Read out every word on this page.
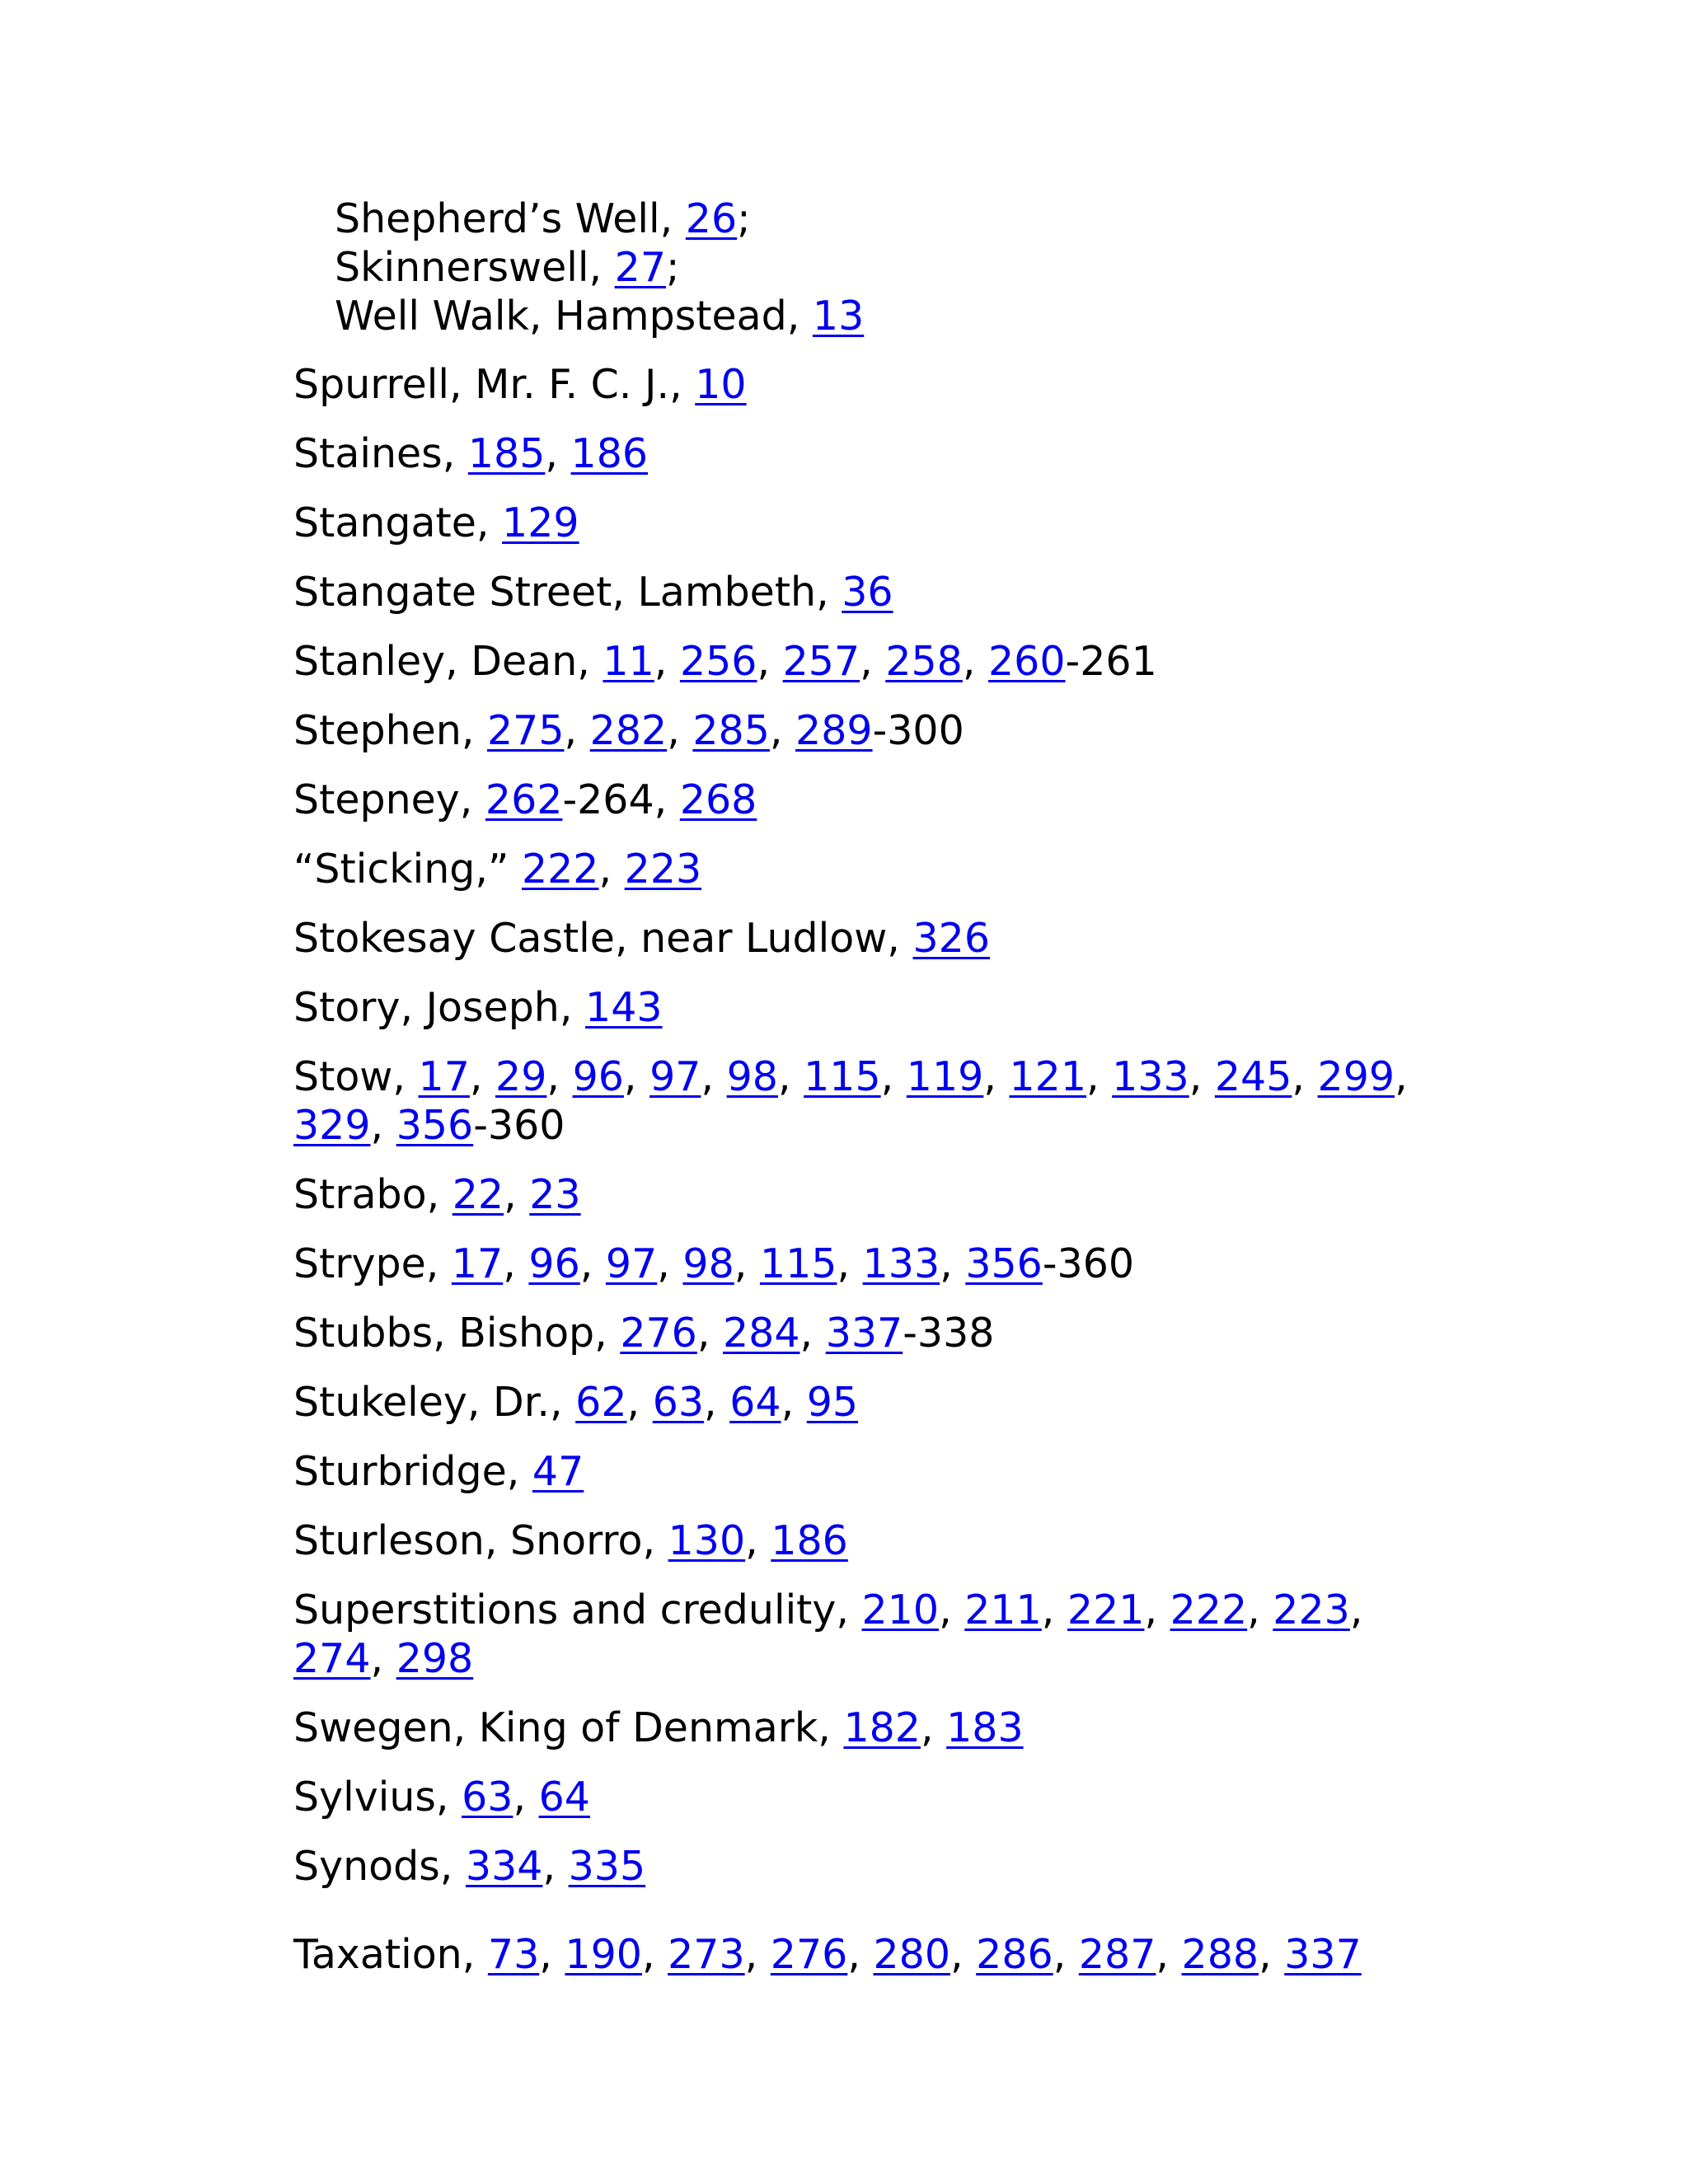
Shepherd’s Well, 26;

Skinnerswell, 27;

Well Walk, Hampstead, 13

Spurrell, Mr. F. C. J., 10

Staines, 185, 186

Stangate, 129

Stangate Street, Lambeth, 36

Stanley, Dean, 11, 256, 257, 258, 260-261

Stephen, 275, 282, 285, 289-300

Stepney, 262-264, 268

“Sticking,” 222, 223

Stokesay Castle, near Ludlow, 326

Story, Joseph, 143

Stow, 17, 29, 96, 97, 98, 115, 119, 121, 133, 245, 299, 329, 356-360

Strabo, 22, 23

Strype, 17, 96, 97, 98, 115, 133, 356-360

Stubbs, Bishop, 276, 284, 337-338

Stukeley, Dr., 62, 63, 64, 95

Sturbridge, 47

Sturleson, Snorro, 130, 186

Superstitions and credulity, 210, 211, 221, 222, 223, 274, 298

Swegen, King of Denmark, 182, 183

Sylvius, 63, 64

Synods, 334, 335

Taxation, 73, 190, 273, 276, 280, 286, 287, 288, 337
